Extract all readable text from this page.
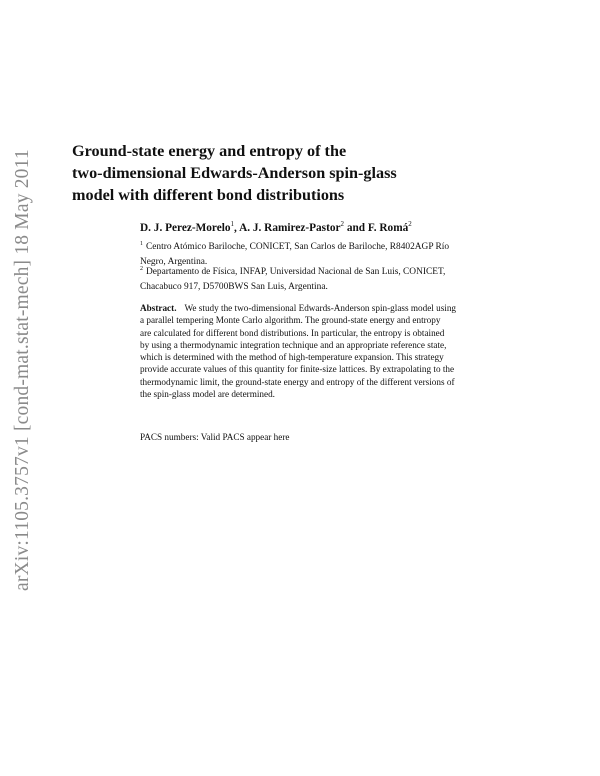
arXiv:1105.3757v1 [cond-mat.stat-mech] 18 May 2011 Ground-state energy and entropy of the
two-dimensional Edwards-Anderson spin-glass
model with different bond distributions
D. J. Perez-Morelo$^1$, A. J. Ramirez-Pastor$^2$ and F. Romá$^2$
$^1$ Centro Atómico Bariloche, CONICET, San Carlos de Bariloche, R8402AGP Río
Negro, Argentina.
$^2$ Departamento de Física, INFAP, Universidad Nacional de San Luis, CONICET,
Chacabuco 917, D5700BWS San Luis, Argentina.
Abstract. We study the two-dimensional Edwards-Anderson spin-glass model using
a parallel tempering Monte Carlo algorithm. The ground-state energy and entropy
are calculated for different bond distributions. In particular, the entropy is obtained
by using a thermodynamic integration technique and an appropriate reference state,
which is determined with the method of high-temperature expansion. This strategy
provide accurate values of this quantity for finite-size lattices. By extrapolating to the
thermodynamic limit, the ground-state energy and entropy of the different versions of
the spin-glass model are determined.
PACS numbers: Valid PACS appear here
